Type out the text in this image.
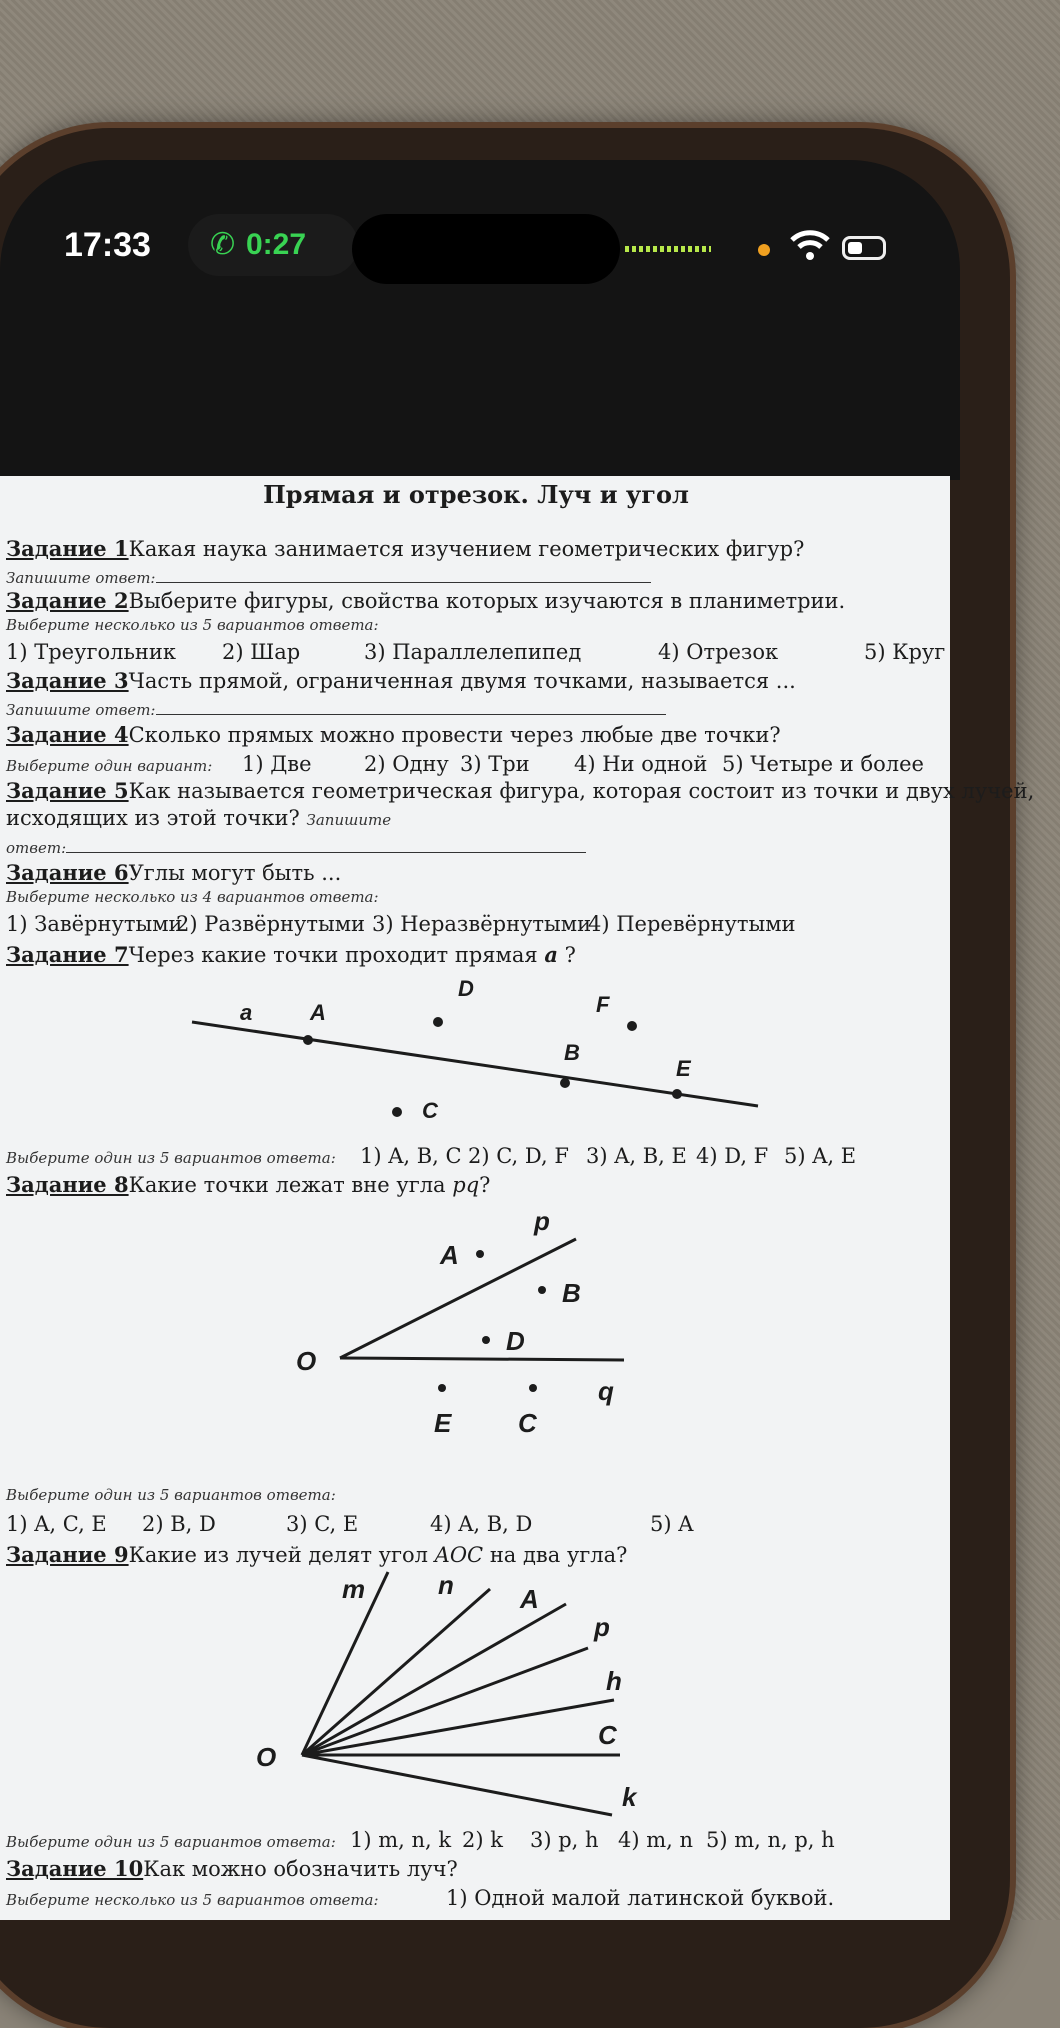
17:33 ✆ 0:27
Прямая и отрезок. Луч и угол
Задание 1Какая наука занимается изучением геометрических фигур?
Запишите ответ:
Задание 2Выберите фигуры, свойства которых изучаются в планиметрии.
Выберите несколько из 5 вариантов ответа:
1) Треугольник 2) Шар	3) Параллелепипед	4) Отрезок	5) Круг
Задание 3Часть прямой, ограниченная двумя точками, называется ...
Запишите ответ:
Задание 4Сколько прямых можно провести через любые две точки?
Выберите один вариант: 1) Две 2) Одну 3) Три 4) Ни одной 5) Четыре и более
Задание 5Как называется геометрическая фигура, которая состоит из точки и двух лучей,
исходящих из этой точки? Запишите
ответ:
Задание 6Углы могут быть ...
Выберите несколько из 4 вариантов ответа:
1) Завёрнутыми
2) Развёрнутыми 3) Неразвёрнутыми
4) Перевёрнутыми
Задание 7Через какие точки проходит прямая a ?
a	A
D
F
B
E
C
Выберите один из 5 вариантов ответа: 1) A, B, C 2) C, D, F 3) A, B, E 4) D, F 5) A, E
Задание 8Какие точки лежат вне угла pq?
p
A
B
D
O
q
E	C
Выберите один из 5 вариантов ответа:
1) A, C, E 2) B, D	3) C, E	4) A, B, D	5) A
Задание 9Какие из лучей делят угол AOC на два угла?
m	n	A
p
h
C
k
O
Выберите один из 5 вариантов ответа: 1) m, n, k 2) k 3) p, h 4) m, n 5) m, n, p, h
Задание 10Как можно обозначить луч?
Выберите несколько из 5 вариантов ответа:	1) Одной малой латинской буквой.
